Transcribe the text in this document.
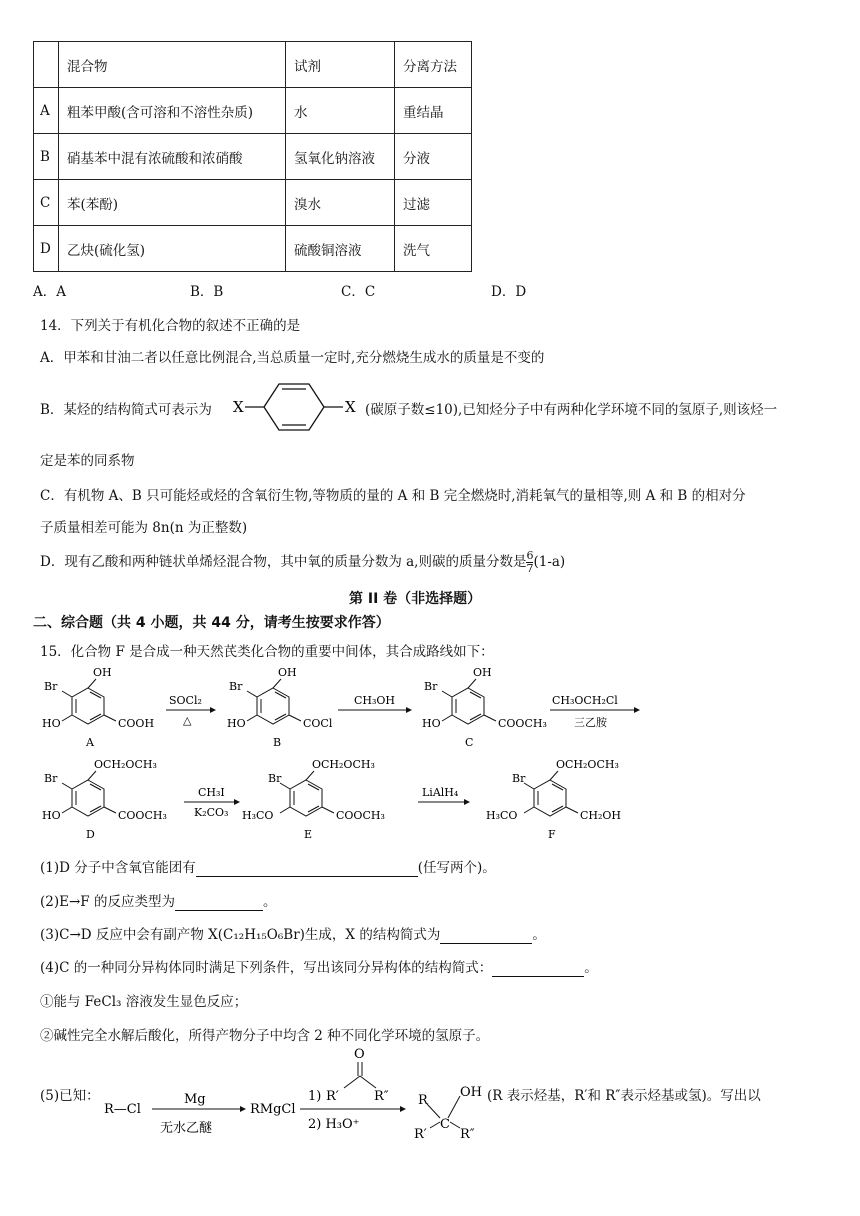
	混合物	试剂	分离方法
A	粗苯甲酸(含可溶和不溶性杂质)	水	重结晶
B	硝基苯中混有浓硫酸和浓硝酸	氢氧化钠溶液	分液
C	苯(苯酚)	溴水	过滤
D	乙炔(硫化氢)	硫酸铜溶液	洗气
A．A	B．B	C．C	D．D
14．下列关于有机化合物的叙述不正确的是
A．甲苯和甘油二者以任意比例混合,当总质量一定时,充分燃烧生成水的质量是不变的
B．某烃的结构简式可表示为 X	X (碳原子数≤10),已知烃分子中有两种化学环境不同的氢原子,则该烃一
定是苯的同系物
C．有机物 A、B 只可能烃或烃的含氧衍生物,等物质的量的 A 和 B 完全燃烧时,消耗氧气的量相等,则 A 和 B 的相对分
子质量相差可能为 8n(n 为正整数)
D．现有乙酸和两种链状单烯烃混合物，其中氧的质量分数为 a,则碳的质量分数是 $\frac{6}{7} (1-a)$
第 II 卷（非选择题）
二、综合题（共 4 小题，共 44 分，请考生按要求作答）
15．化合物 F 是合成一种天然芪类化合物的重要中间体，其合成路线如下：
OH
Br
HO	COOH
A
SOCl₂
△
OH
Br
HO	COCl
B
CH₃OH
OH
Br
HO	COOCH₃
C
CH₃OCH₂Cl
三乙胺
OCH₂OCH₃
Br
HO	COOCH₃
D
CH₃I
K₂CO₃
OCH₂OCH₃
Br
H₃CO	COOCH₃
E
LiAlH₄
OCH₂OCH₃
Br
H₃CO	CH₂OH
F
(1)D 分子中含氧官能团有	(任写两个)。
(2)E→F 的反应类型为	。
(3)C→D 反应中会有副产物 X(C₁₂H₁₅O₆Br)生成，X 的结构简式为	。
(4)C 的一种同分异构体同时满足下列条件，写出该同分异构体的结构简式：	。
①能与 FeCl₃ 溶液发生显色反应；
②碱性完全水解后酸化，所得产物分子中均含 2 种不同化学环境的氢原子。
(5)已知：
R—Cl
Mg
无水乙醚
RMgCl
1)
O
R′	R″
2) H₃O⁺
R
C
OH
R′	R″
(R 表示烃基，R′和 R″表示烃基或氢)。写出以
